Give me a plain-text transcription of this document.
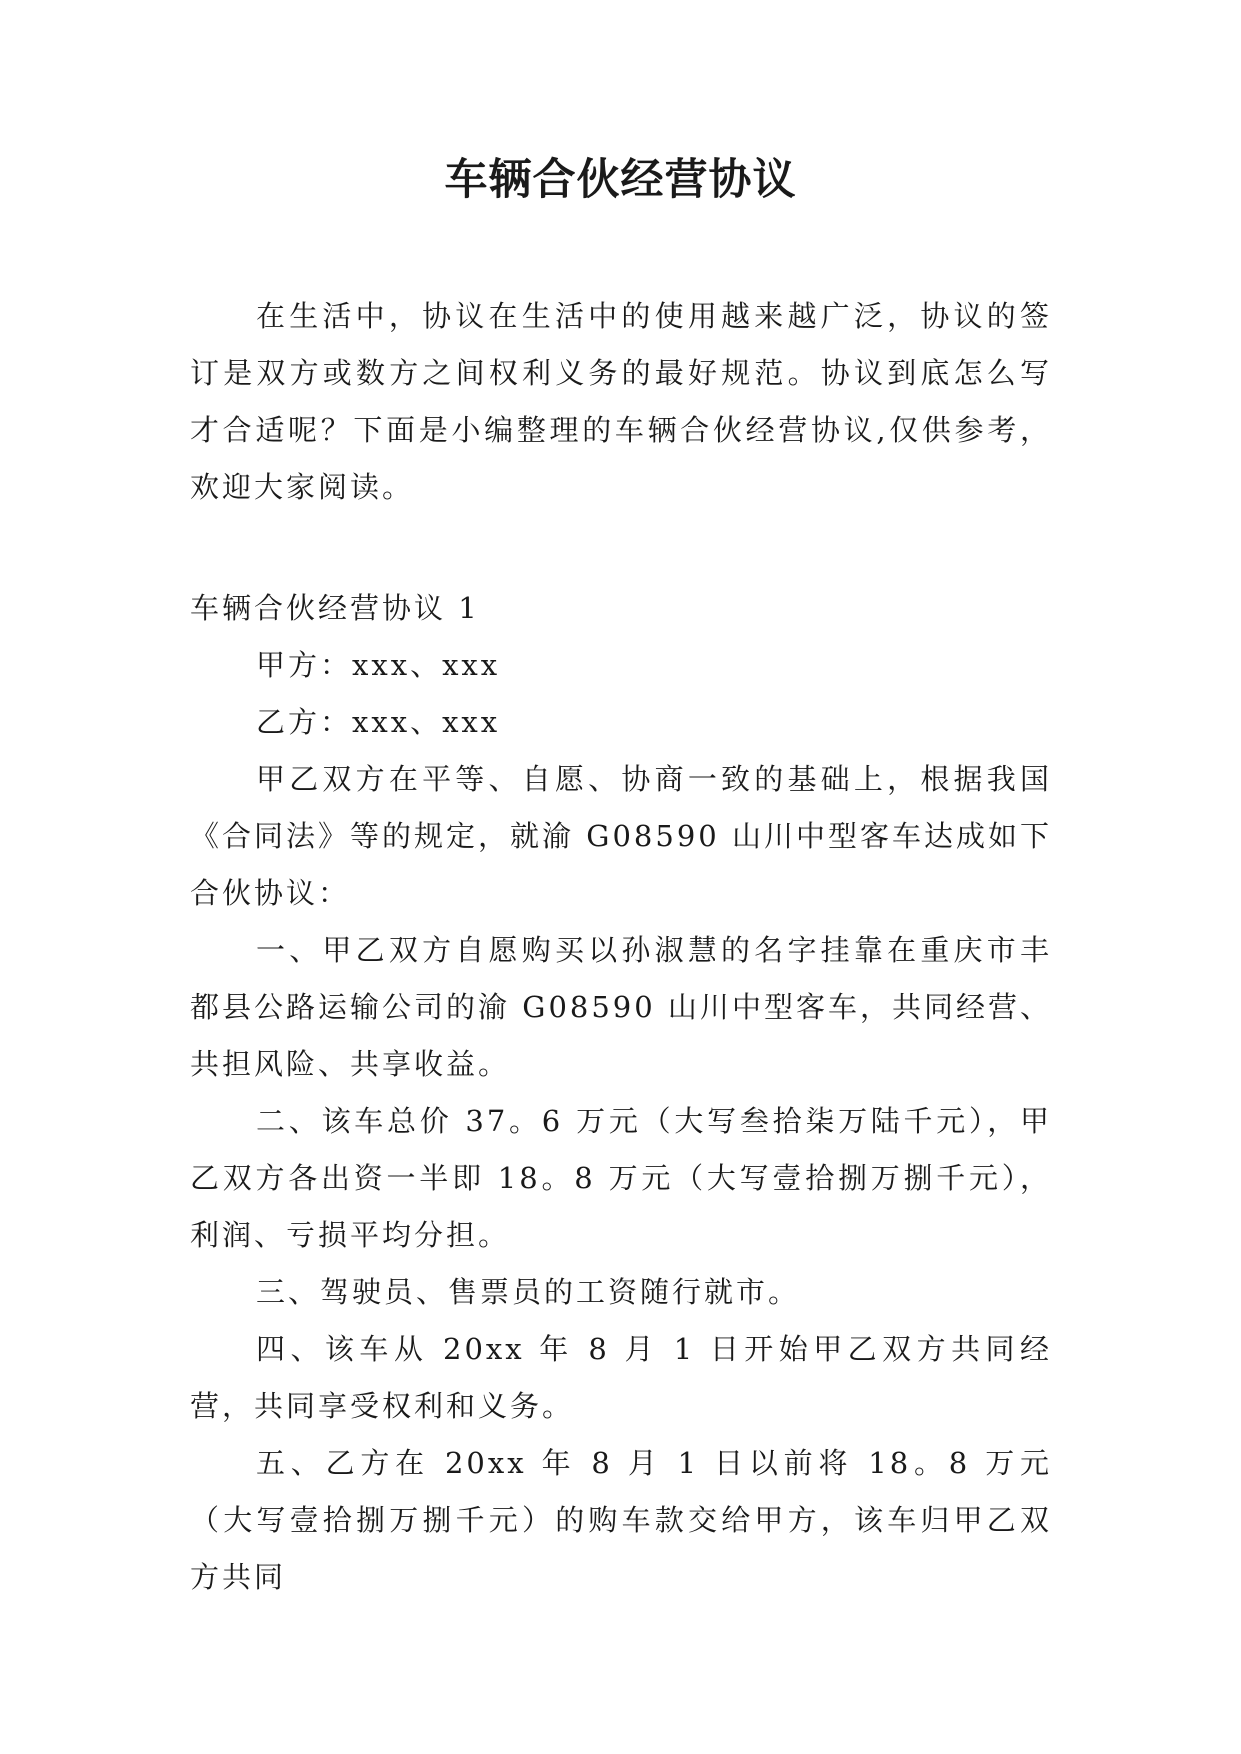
车辆合伙经营协议

在生活中，协议在生活中的使用越来越广泛，协议的签订是双方或数方之间权利义务的最好规范。协议到底怎么写才合适呢？下面是小编整理的车辆合伙经营协议,仅供参考，欢迎大家阅读。

车辆合伙经营协议 1

甲方：xxx、xxx

乙方：xxx、xxx

甲乙双方在平等、自愿、协商一致的基础上，根据我国《合同法》等的规定，就渝 G08590 山川中型客车达成如下合伙协议：

一、甲乙双方自愿购买以孙淑慧的名字挂靠在重庆市丰都县公路运输公司的渝 G08590 山川中型客车，共同经营、共担风险、共享收益。

二、该车总价 37。6 万元（大写叁拾柒万陆千元），甲乙双方各出资一半即 18。8 万元（大写壹拾捌万捌千元），利润、亏损平均分担。

三、驾驶员、售票员的工资随行就市。

四、该车从 20xx 年 8 月 1 日开始甲乙双方共同经营，共同享受权利和义务。

五、乙方在 20xx 年 8 月 1 日以前将 18。8 万元（大写壹拾捌万捌千元）的购车款交给甲方，该车归甲乙双方共同
